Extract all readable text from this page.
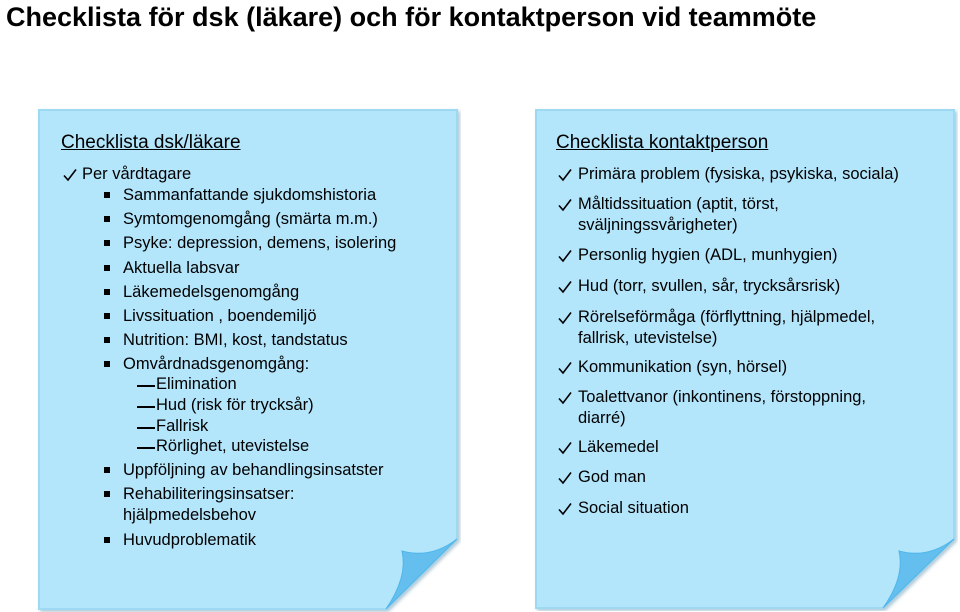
Checklista för dsk (läkare) och för kontaktperson vid teammöte
Checklista dsk/läkare
Per vårdtagare
Sammanfattande sjukdomshistoria
Symtomgenomgång (smärta m.m.)
Psyke: depression, demens, isolering
Aktuella labsvar
Läkemedelsgenomgång
Livssituation , boendemiljö
Nutrition: BMI, kost, tandstatus
Omvårdnadsgenomgång:
Elimination
Hud (risk för trycksår)
Fallrisk
Rörlighet, utevistelse
Uppföljning av behandlingsinsatster
Rehabiliteringsinsatser:
hjälpmedelsbehov
Huvudproblematik
Checklista kontaktperson
Primära problem (fysiska, psykiska, sociala)
Måltidssituation (aptit, törst,
sväljningssvårigheter)
Personlig hygien (ADL, munhygien)
Hud (torr, svullen, sår, trycksårsrisk)
Rörelseförmåga (förflyttning, hjälpmedel,
fallrisk, utevistelse)
Kommunikation (syn, hörsel)
Toalettvanor (inkontinens, förstoppning,
diarré)
Läkemedel
God man
Social situation
